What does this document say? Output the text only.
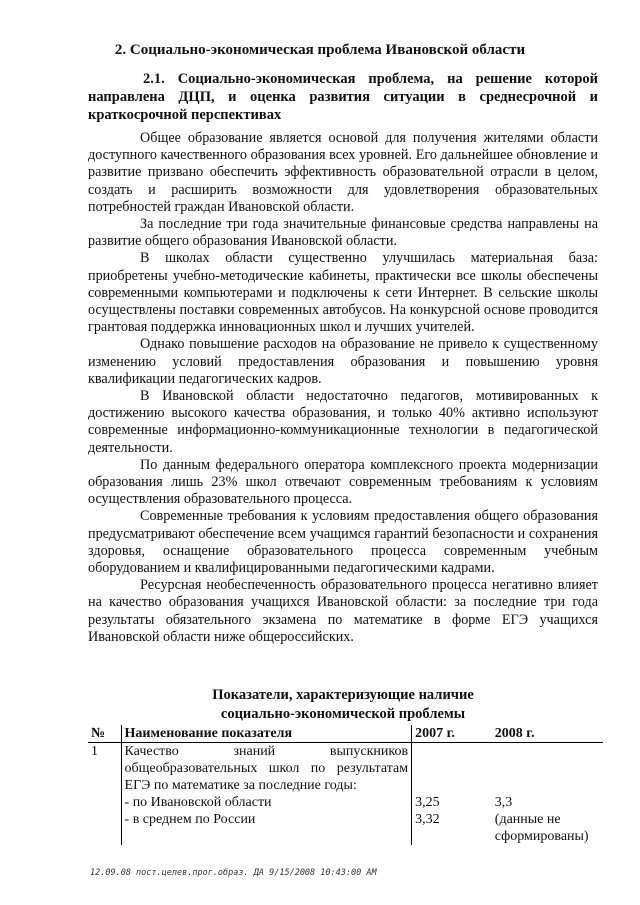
2. Социально-экономическая проблема Ивановской области
2.1. Социально-экономическая проблема, на решение которой направлена ДЦП, и оценка развития ситуации в среднесрочной и краткосрочной перспективах

Общее образование является основой для получения жителями области доступного качественного образования всех уровней. Его дальнейшее обновление и развитие призвано обеспечить эффективность образовательной отрасли в целом, создать и расширить возможности для удовлетворения образовательных потребностей граждан Ивановской области.

За последние три года значительные финансовые средства направлены на развитие общего образования Ивановской области.

В школах области существенно улучшилась материальная база: приобретены учебно-методические кабинеты, практически все школы обеспечены современными компьютерами и подключены к сети Интернет. В сельские школы осуществлены поставки современных автобусов. На конкурсной основе проводится грантовая поддержка инновационных школ и лучших учителей.

Однако повышение расходов на образование не привело к существенному изменению условий предоставления образования и повышению уровня квалификации педагогических кадров.

В Ивановской области недостаточно педагогов, мотивированных к достижению высокого качества образования, и только 40% активно используют современные информационно-коммуникационные технологии в педагогической деятельности.

По данным федерального оператора комплексного проекта модернизации образования лишь 23% школ отвечают современным требованиям к условиям осуществления образовательного процесса.

Современные требования к условиям предоставления общего образования предусматривают обеспечение всем учащимся гарантий безопасности и сохранения здоровья, оснащение образовательного процесса современным учебным оборудованием и квалифицированными педагогическими кадрами.

Ресурсная необеспеченность образовательного процесса негативно влияет на качество образования учащихся Ивановской области: за последние три года результаты обязательного экзамена по математике в форме ЕГЭ учащихся Ивановской области ниже общероссийских.

Показатели, характеризующие наличие
социально-экономической проблемы
№	Наименование показателя	2007 г.	2008 г.
1	Качество знаний выпускников общеобразовательных школ по результатам ЕГЭ по математике за последние годы:		
	- по Ивановской области	3,25	3,3
	- в среднем по России	3,32	(данные не сформированы)
12.09.08 пост.целев.прог.образ. ДА 9/15/2008 10:43:00 AM
